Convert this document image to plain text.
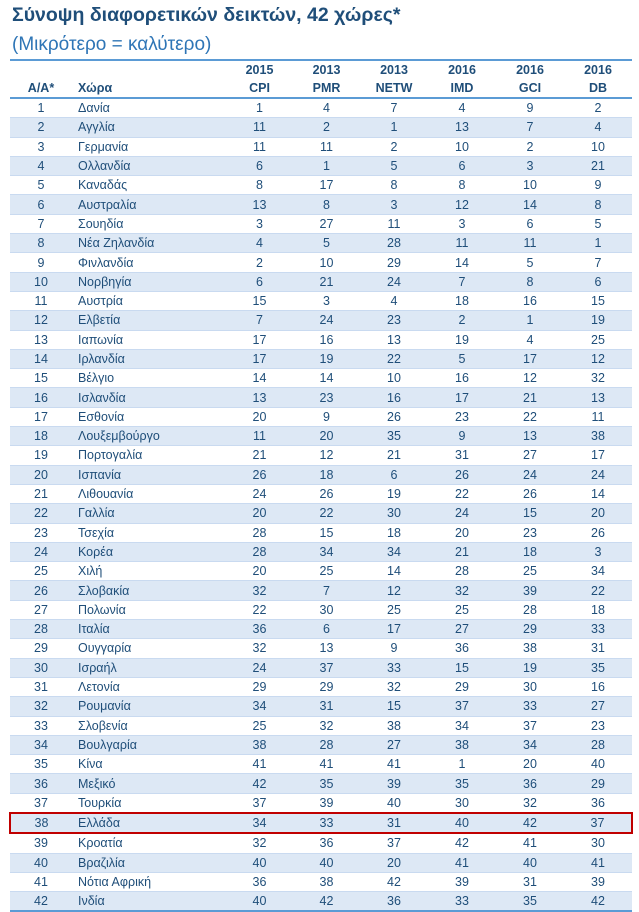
Σύνοψη διαφορετικών δεικτών, 42 χώρες*
(Μικρότερο = καλύτερο)
		2015	2013	2013	2016	2016	2016
Α/Α*	Χώρα	CPI	PMR	NETW	IMD	GCI	DB
1	Δανία	1	4	7	4	9	2
2	Αγγλία	11	2	1	13	7	4
3	Γερμανία	11	11	2	10	2	10
4	Ολλανδία	6	1	5	6	3	21
5	Καναδάς	8	17	8	8	10	9
6	Αυστραλία	13	8	3	12	14	8
7	Σουηδία	3	27	11	3	6	5
8	Νέα Ζηλανδία	4	5	28	11	11	1
9	Φινλανδία	2	10	29	14	5	7
10	Νορβηγία	6	21	24	7	8	6
11	Αυστρία	15	3	4	18	16	15
12	Ελβετία	7	24	23	2	1	19
13	Ιαπωνία	17	16	13	19	4	25
14	Ιρλανδία	17	19	22	5	17	12
15	Βέλγιο	14	14	10	16	12	32
16	Ισλανδία	13	23	16	17	21	13
17	Εσθονία	20	9	26	23	22	11
18	Λουξεμβούργο	11	20	35	9	13	38
19	Πορτογαλία	21	12	21	31	27	17
20	Ισπανία	26	18	6	26	24	24
21	Λιθουανία	24	26	19	22	26	14
22	Γαλλία	20	22	30	24	15	20
23	Τσεχία	28	15	18	20	23	26
24	Κορέα	28	34	34	21	18	3
25	Χιλή	20	25	14	28	25	34
26	Σλοβακία	32	7	12	32	39	22
27	Πολωνία	22	30	25	25	28	18
28	Ιταλία	36	6	17	27	29	33
29	Ουγγαρία	32	13	9	36	38	31
30	Ισραήλ	24	37	33	15	19	35
31	Λετονία	29	29	32	29	30	16
32	Ρουμανία	34	31	15	37	33	27
33	Σλοβενία	25	32	38	34	37	23
34	Βουλγαρία	38	28	27	38	34	28
35	Κίνα	41	41	41	1	20	40
36	Μεξικό	42	35	39	35	36	29
37	Τουρκία	37	39	40	30	32	36
38	Ελλάδα	34	33	31	40	42	37
39	Κροατία	32	36	37	42	41	30
40	Βραζιλία	40	40	20	41	40	41
41	Νότια Αφρική	36	38	42	39	31	39
42	Ινδία	40	42	36	33	35	42
